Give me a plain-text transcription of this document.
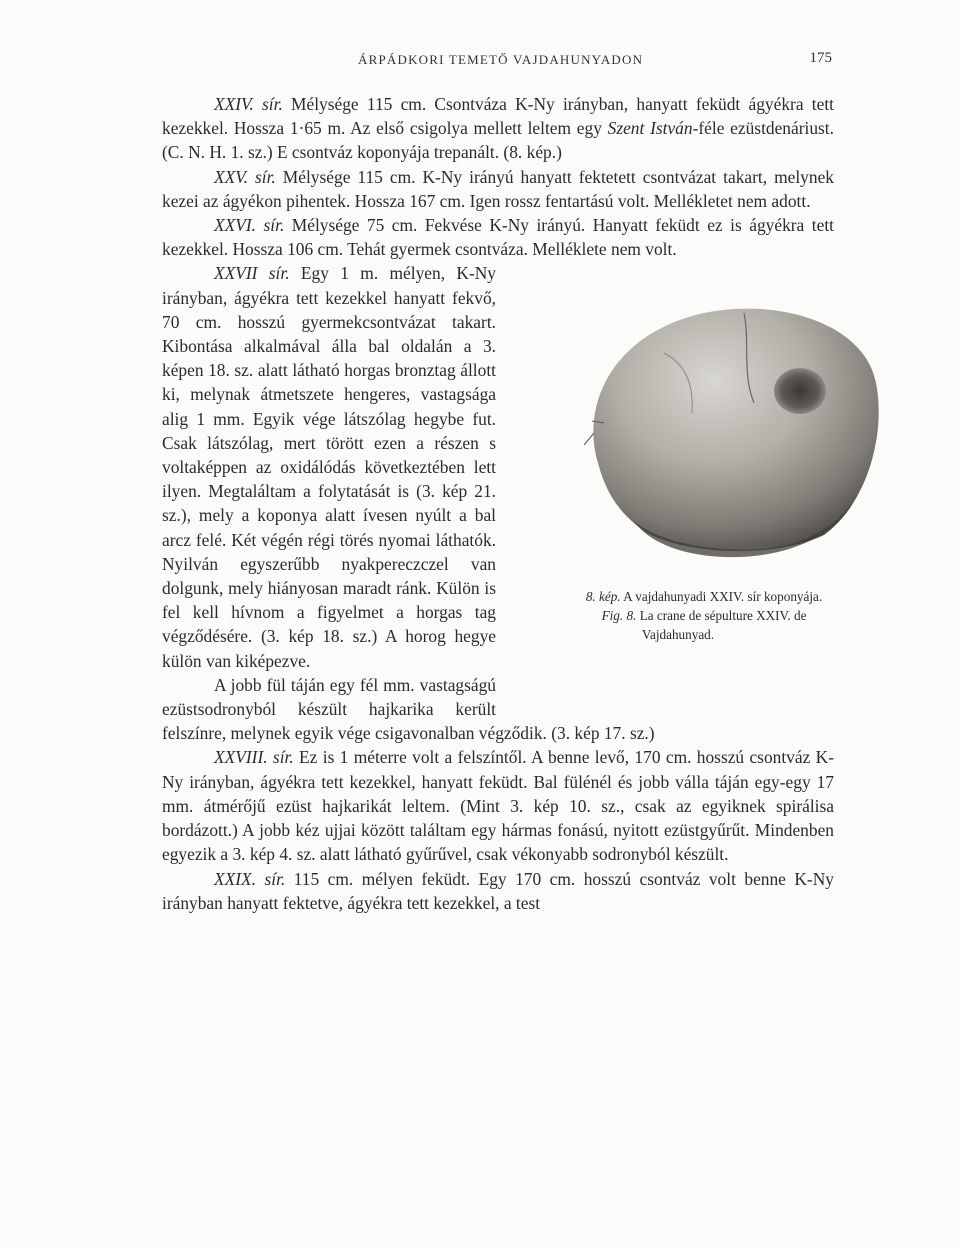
ÁRPÁDKORI TEMETŐ VAJDAHUNYADON	175

XXIV. sír. Mélysége 115 cm. Csontváza K-Ny irányban, hanyatt feküdt ágyékra tett kezekkel. Hossza 1·65 m. Az első csigolya mellett leltem egy Szent István-féle ezüstdenáriust. (C. N. H. 1. sz.) E csontváz koponyája trepanált. (8. kép.)

XXV. sír. Mélysége 115 cm. K-Ny irányú hanyatt fektetett csontvázat takart, melynek kezei az ágyékon pihentek. Hossza 167 cm. Igen rossz fentartású volt. Mellékletet nem adott.

XXVI. sír. Mélysége 75 cm. Fekvése K-Ny irányú. Hanyatt feküdt ez is ágyékra tett kezekkel. Hossza 106 cm. Tehát gyermek csontváza. Melléklete nem volt.

8. kép. A vajdahunyadi XXIV. sír koponyája.
Fig. 8. La crane de sépulture XXIV. de Vajdahunyad.
XXVII sír. Egy 1 m. mélyen, K-Ny irányban, ágyékra tett kezekkel hanyatt fekvő, 70 cm. hosszú gyermekcsontvázat takart. Kibontása alkalmával álla bal oldalán a 3. képen 18. sz. alatt látható horgas bronztag állott ki, melynak átmetszete hengeres, vastagsága alig 1 mm. Egyik vége látszólag hegybe fut. Csak látszólag, mert törött ezen a részen s voltaképpen az oxidálódás következtében lett ilyen. Megtaláltam a folytatását is (3. kép 21. sz.), mely a koponya alatt ívesen nyúlt a bal arcz felé. Két végén régi törés nyomai láthatók. Nyilván egyszerűbb nyakpereczczel van dolgunk, mely hiányosan maradt ránk. Külön is fel kell hívnom a figyelmet a horgas tag végződésére. (3. kép 18. sz.) A horog hegye külön van kiképezve.

A jobb fül táján egy fél mm. vastagságú ezüstsodronyból készült hajkarika került felszínre, melynek egyik vége csigavonalban végződik. (3. kép 17. sz.)

XXVIII. sír. Ez is 1 méterre volt a felszíntől. A benne levő, 170 cm. hosszú csontváz K-Ny irányban, ágyékra tett kezekkel, hanyatt feküdt. Bal fülénél és jobb válla táján egy-egy 17 mm. átmérőjű ezüst hajkarikát leltem. (Mint 3. kép 10. sz., csak az egyiknek spirálisa bordázott.) A jobb kéz ujjai között találtam egy hármas fonású, nyitott ezüstgyűrűt. Mindenben egyezik a 3. kép 4. sz. alatt látható gyűrűvel, csak vékonyabb sodronyból készült.

XXIX. sír. 115 cm. mélyen feküdt. Egy 170 cm. hosszú csontváz volt benne K-Ny irányban hanyatt fektetve, ágyékra tett kezekkel, a test
